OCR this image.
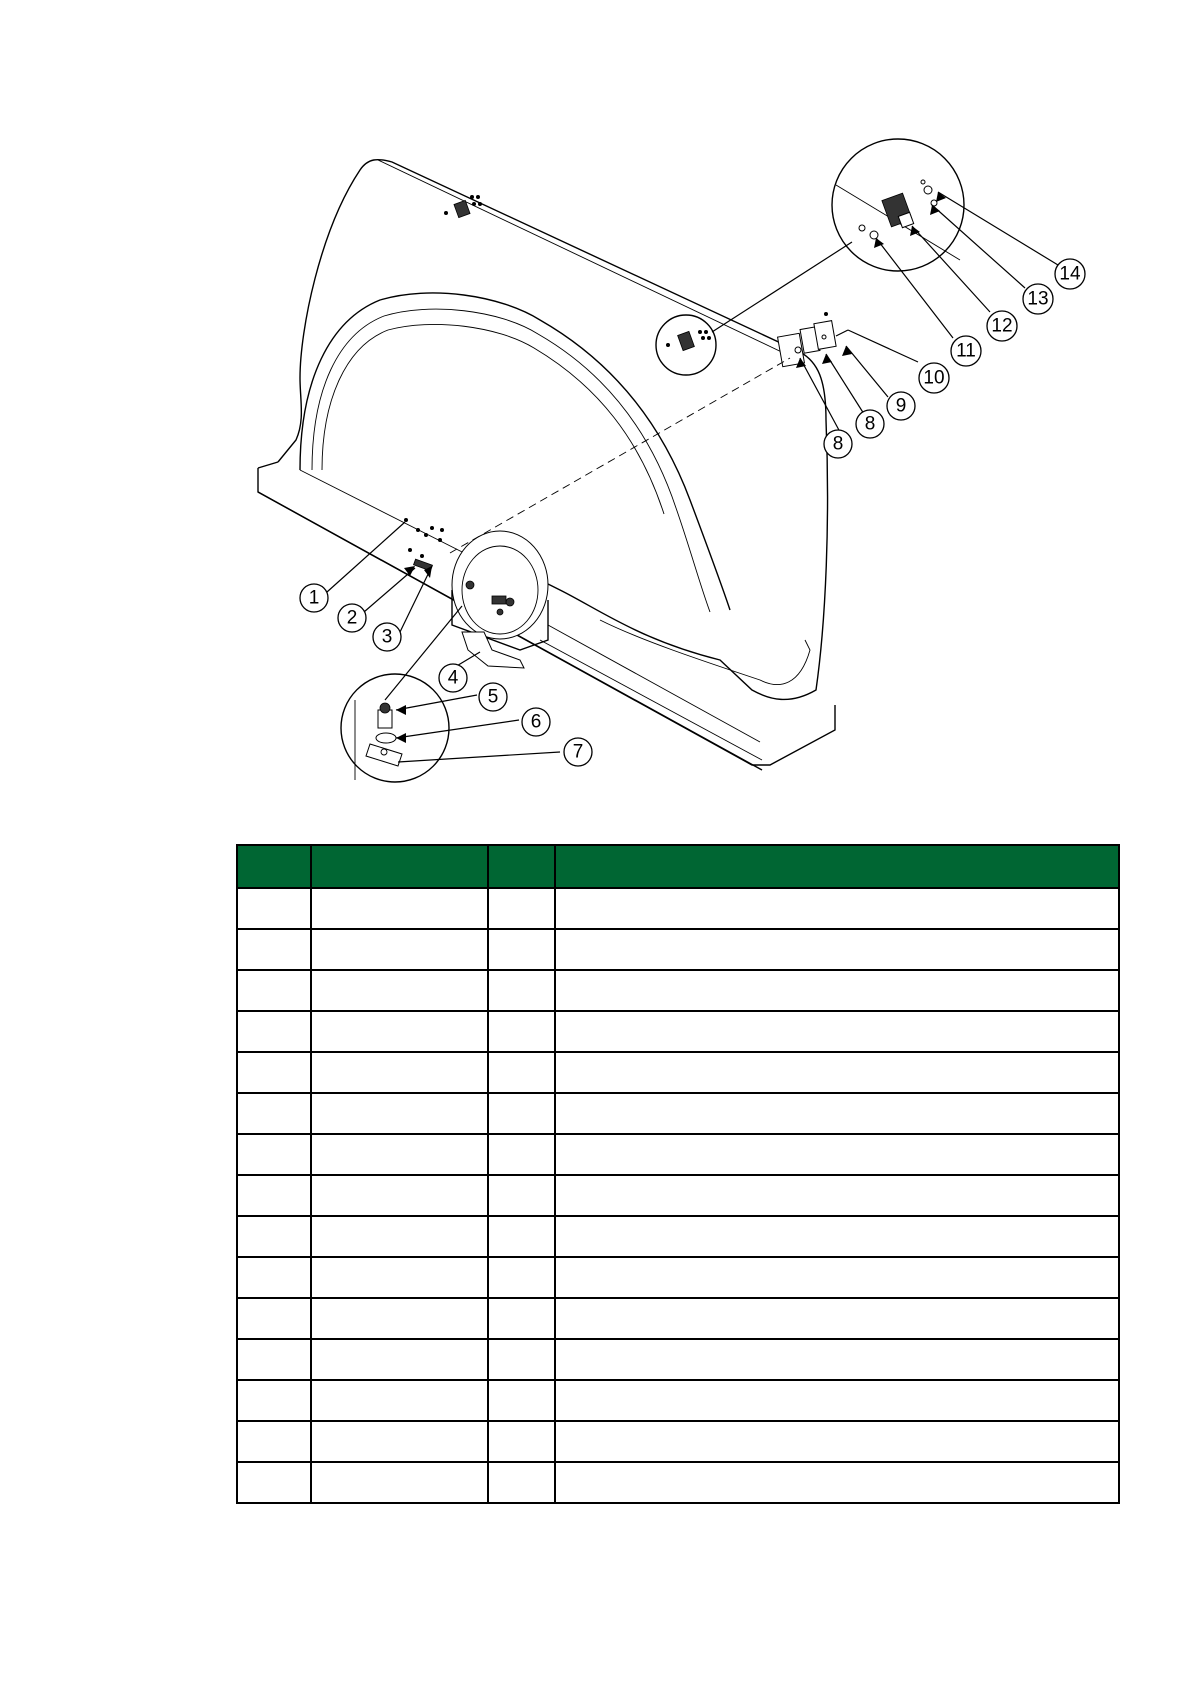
1
2
3
4
5
6
7
8
8
9
10
11
12
13
14
